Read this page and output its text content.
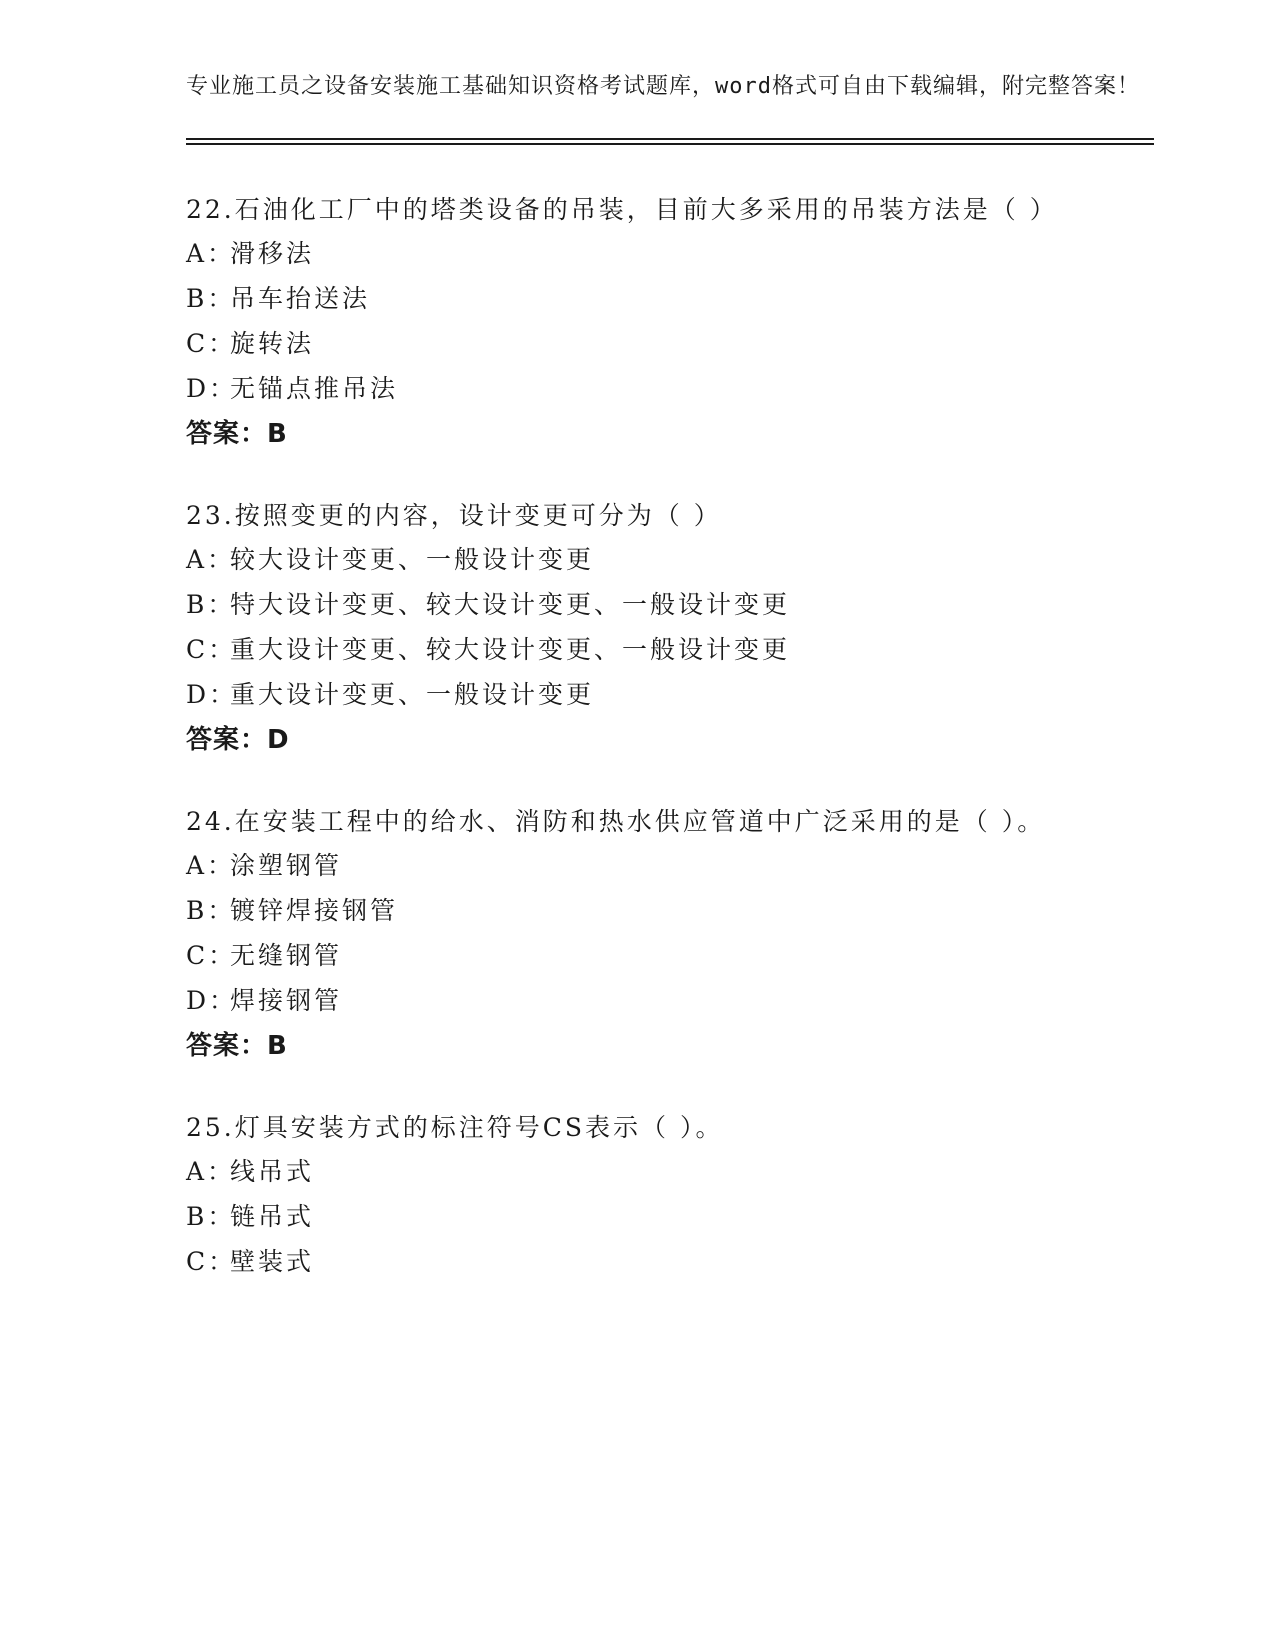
专业施工员之设备安装施工基础知识资格考试题库，word格式可自由下载编辑，附完整答案！
22.石油化工厂中的塔类设备的吊装，目前大多采用的吊装方法是（ ）
A：滑移法
B：吊车抬送法
C：旋转法
D：无锚点推吊法
答案：B
23.按照变更的内容，设计变更可分为（ ）
A：较大设计变更、一般设计变更
B：特大设计变更、较大设计变更、一般设计变更
C：重大设计变更、较大设计变更、一般设计变更
D：重大设计变更、一般设计变更
答案：D
24.在安装工程中的给水、消防和热水供应管道中广泛采用的是（ ）。
A：涂塑钢管
B：镀锌焊接钢管
C：无缝钢管
D：焊接钢管
答案：B
25.灯具安装方式的标注符号CS表示（ ）。
A：线吊式
B：链吊式
C：壁装式
